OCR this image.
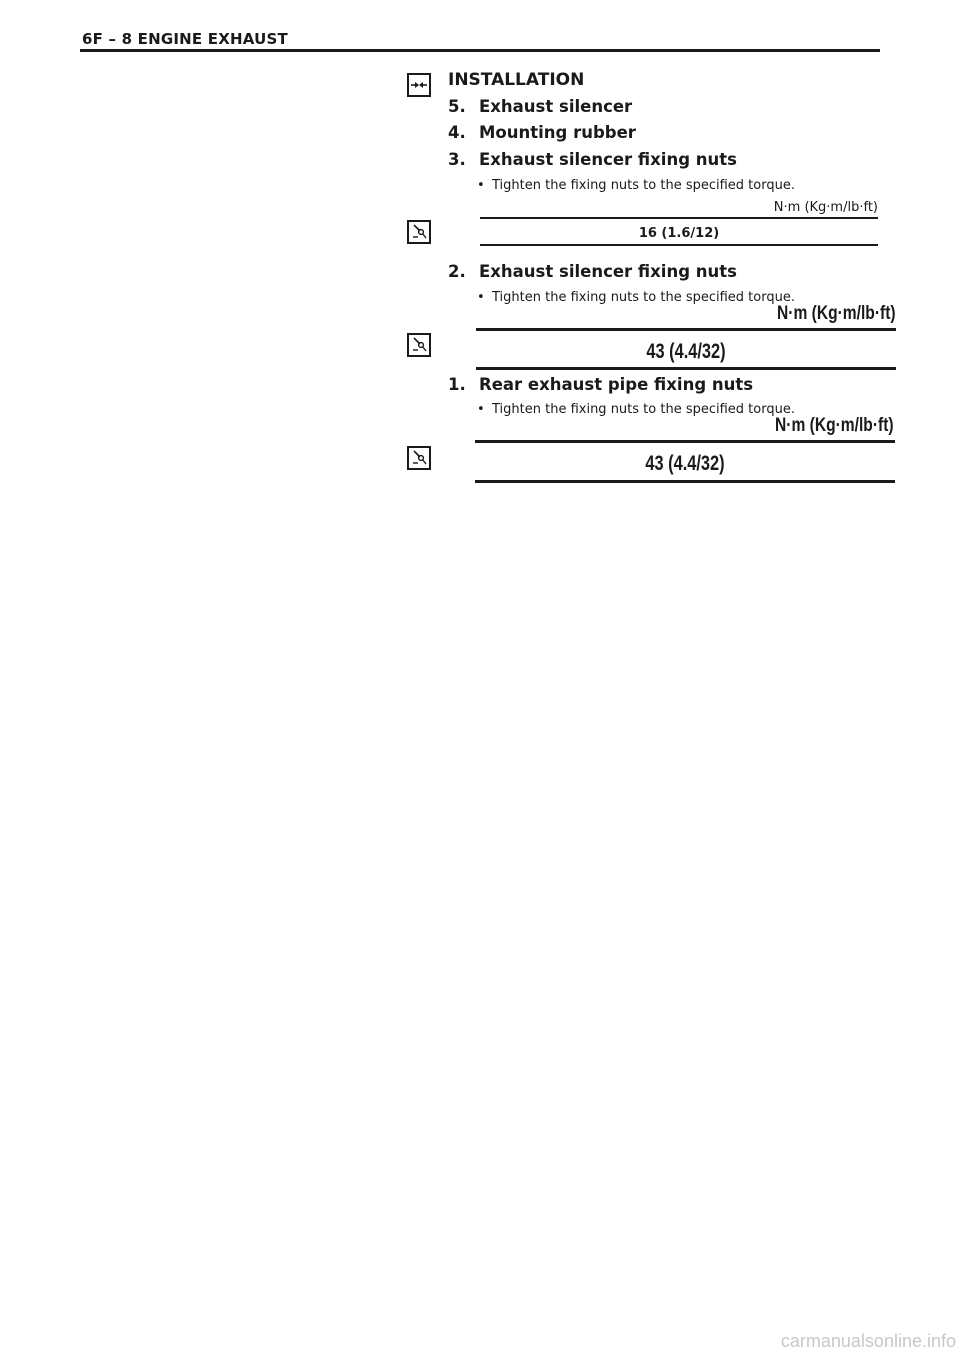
6F – 8 ENGINE EXHAUST
INSTALLATION
5. Exhaust silencer
4. Mounting rubber
3. Exhaust silencer fixing nuts
• Tighten the fixing nuts to the specified torque.
N·m (Kg·m/lb·ft)
16 (1.6/12)
2. Exhaust silencer fixing nuts
• Tighten the fixing nuts to the specified torque.
N·m (Kg·m/lb·ft)
43 (4.4/32)
1. Rear exhaust pipe fixing nuts
• Tighten the fixing nuts to the specified torque.
N·m (Kg·m/lb·ft)
43 (4.4/32)
carmanualsonline.info
